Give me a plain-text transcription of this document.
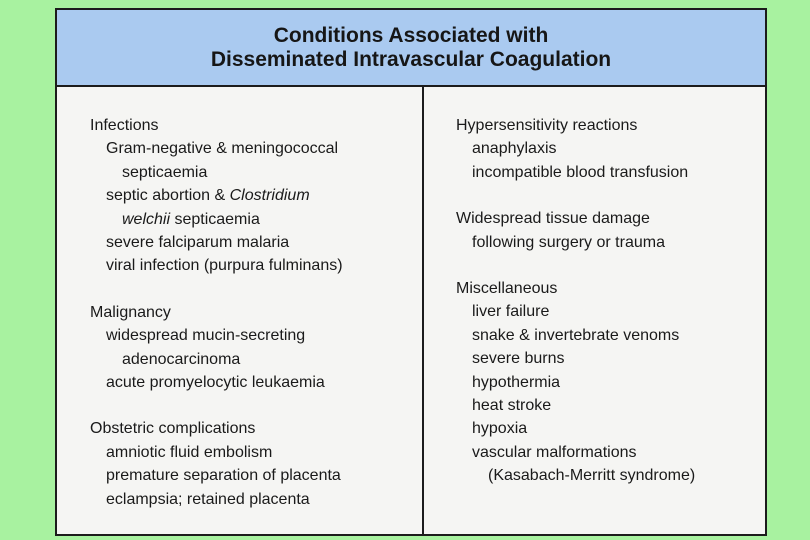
Conditions Associated with
Disseminated Intravascular Coagulation
Infections
Gram-negative & meningococcal
septicaemia
septic abortion & Clostridium
welchii septicaemia
severe falciparum malaria
viral infection (purpura fulminans)
Malignancy
widespread mucin-secreting
adenocarcinoma
acute promyelocytic leukaemia
Obstetric complications
amniotic fluid embolism
premature separation of placenta
eclampsia; retained placenta
Hypersensitivity reactions
anaphylaxis
incompatible blood transfusion
Widespread tissue damage
following surgery or trauma
Miscellaneous
liver failure
snake & invertebrate venoms
severe burns
hypothermia
heat stroke
hypoxia
vascular malformations
(Kasabach-Merritt syndrome)
